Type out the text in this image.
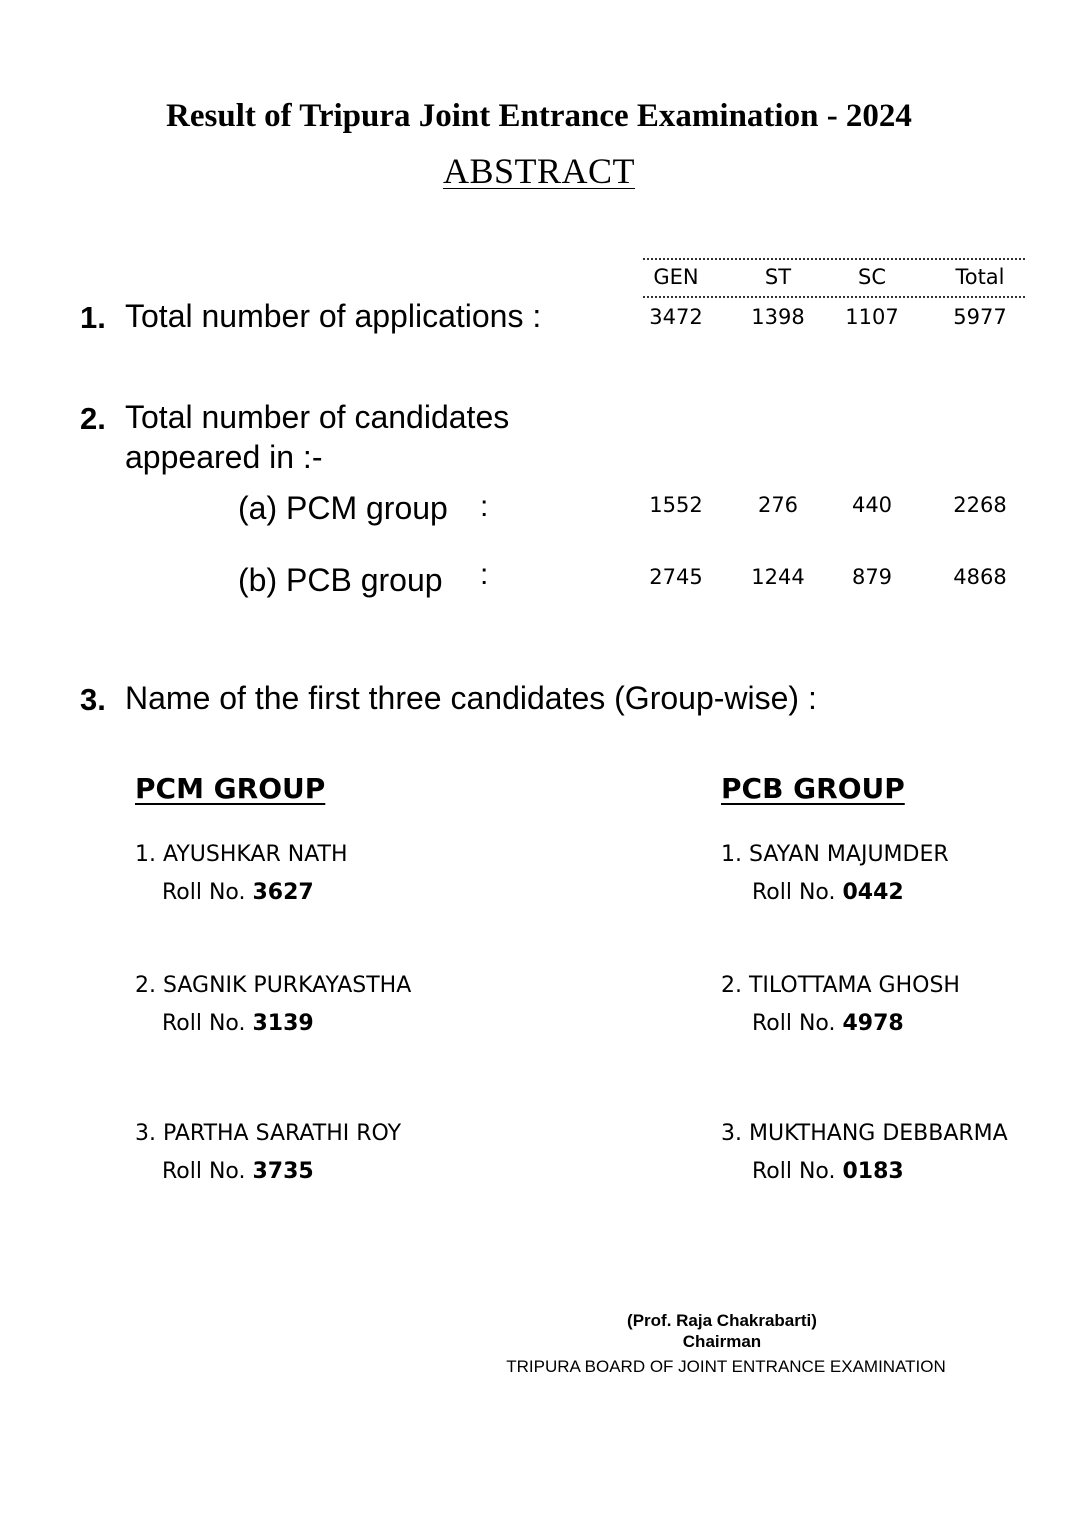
Result of Tripura Joint Entrance Examination - 2024
ABSTRACT
GEN	ST	SC	Total
1. Total number of applications :	3472	1398	1107	5977
2. Total number of candidates
appeared in :-
(a) PCM group :	1552	276	440	2268
(b) PCB group :	2745	1244	879	4868
3. Name of the first three candidates (Group-wise) :
PCM GROUP
1. AYUSHKAR NATH
Roll No. 3627
2. SAGNIK PURKAYASTHA
Roll No. 3139
3. PARTHA SARATHI ROY
Roll No. 3735
PCB GROUP
1. SAYAN MAJUMDER
Roll No. 0442
2. TILOTTAMA GHOSH
Roll No. 4978
3. MUKTHANG DEBBARMA
Roll No. 0183
(Prof. Raja Chakrabarti)
Chairman
TRIPURA BOARD OF JOINT ENTRANCE EXAMINATION
